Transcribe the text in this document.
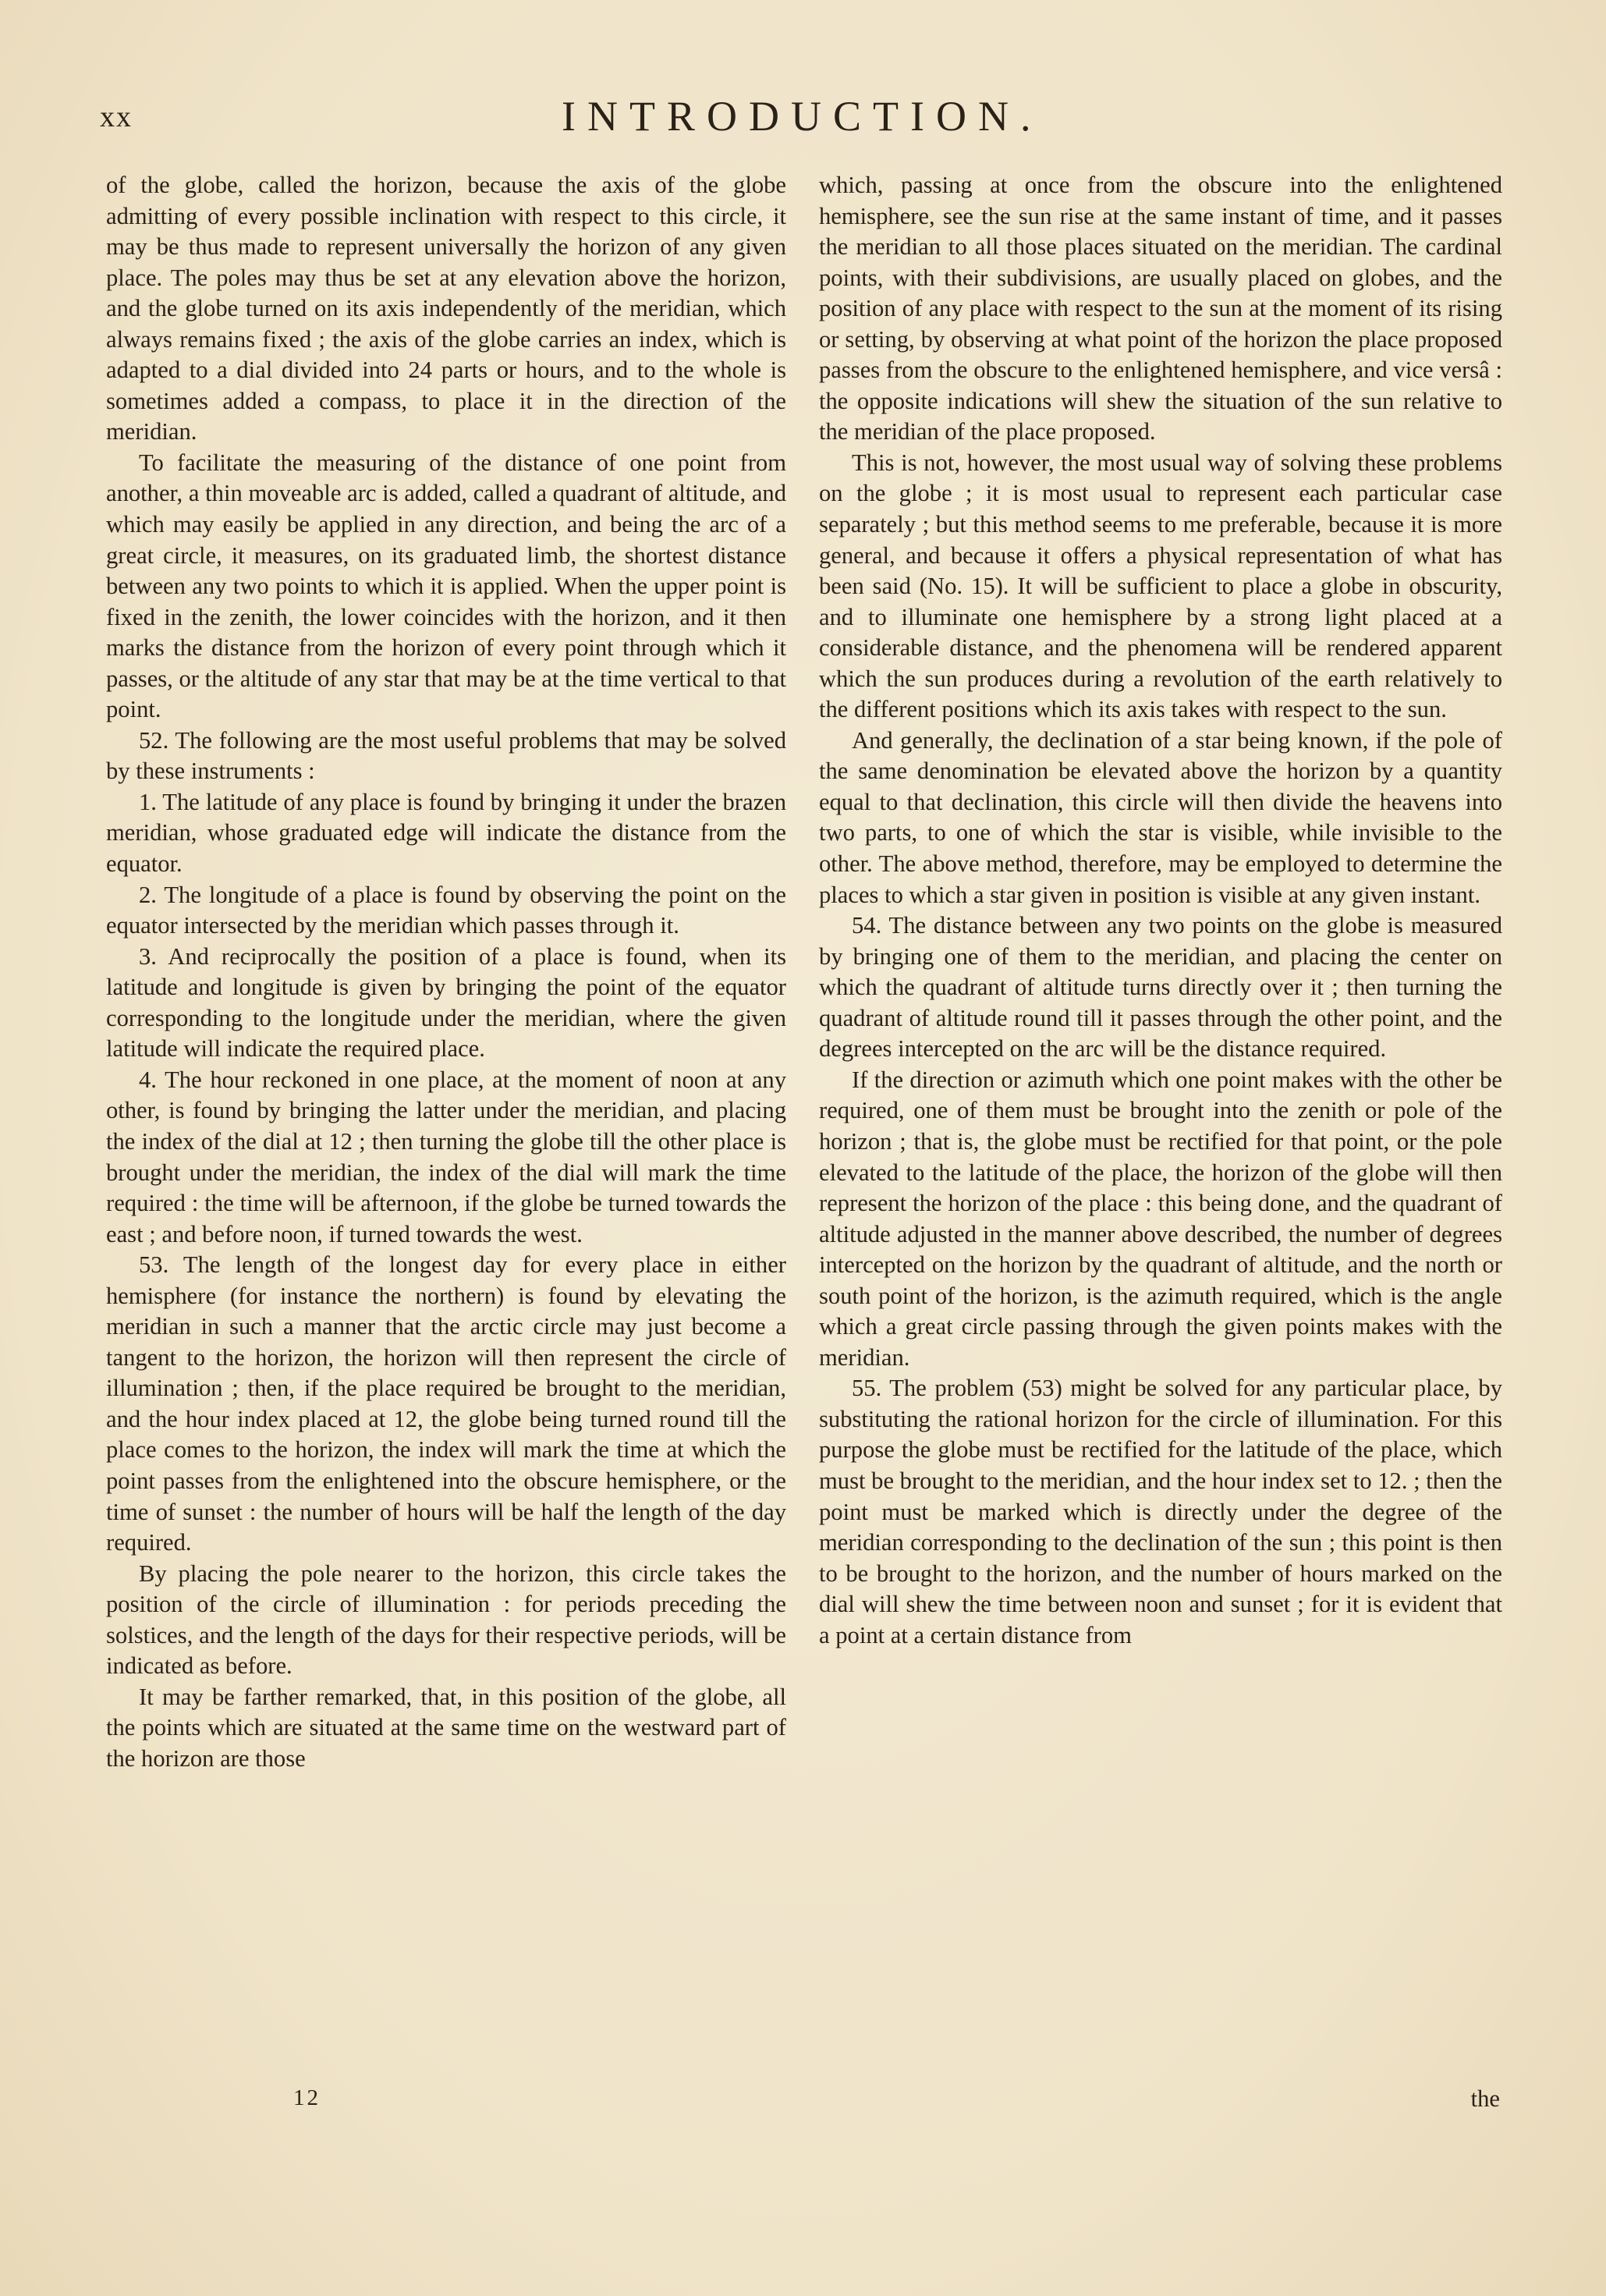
xx	INTRODUCTION.

of the globe, called the horizon, because the axis of the globe admitting of every possible inclination with respect to this circle, it may be thus made to represent universally the horizon of any given place. The poles may thus be set at any elevation above the horizon, and the globe turned on its axis independently of the meridian, which always remains fixed ; the axis of the globe carries an index, which is adapted to a dial divided into 24 parts or hours, and to the whole is sometimes added a compass, to place it in the direction of the meridian.

To facilitate the measuring of the distance of one point from another, a thin moveable arc is added, called a quadrant of altitude, and which may easily be applied in any direction, and being the arc of a great circle, it measures, on its graduated limb, the shortest distance between any two points to which it is applied. When the upper point is fixed in the zenith, the lower coincides with the horizon, and it then marks the distance from the horizon of every point through which it passes, or the altitude of any star that may be at the time vertical to that point.

52. The following are the most useful problems that may be solved by these instruments :

1. The latitude of any place is found by bringing it under the brazen meridian, whose graduated edge will indicate the distance from the equator.

2. The longitude of a place is found by observing the point on the equator intersected by the meridian which passes through it.

3. And reciprocally the position of a place is found, when its latitude and longitude is given by bringing the point of the equator corresponding to the longitude under the meridian, where the given latitude will indicate the required place.

4. The hour reckoned in one place, at the moment of noon at any other, is found by bringing the latter under the meridian, and placing the index of the dial at 12 ; then turning the globe till the other place is brought under the meridian, the index of the dial will mark the time required : the time will be afternoon, if the globe be turned towards the east ; and before noon, if turned towards the west.

53. The length of the longest day for every place in either hemisphere (for instance the northern) is found by elevating the meridian in such a manner that the arctic circle may just become a tangent to the horizon, the horizon will then represent the circle of illumination ; then, if the place required be brought to the meridian, and the hour index placed at 12, the globe being turned round till the place comes to the horizon, the index will mark the time at which the point passes from the enlightened into the obscure hemisphere, or the time of sunset : the number of hours will be half the length of the day required.

By placing the pole nearer to the horizon, this circle takes the position of the circle of illumination : for periods preceding the solstices, and the length of the days for their respective periods, will be indicated as before.

It may be farther remarked, that, in this position of the globe, all the points which are situated at the same time on the westward part of the horizon are those

which, passing at once from the obscure into the enlightened hemisphere, see the sun rise at the same instant of time, and it passes the meridian to all those places situated on the meridian. The cardinal points, with their subdivisions, are usually placed on globes, and the position of any place with respect to the sun at the moment of its rising or setting, by observing at what point of the horizon the place proposed passes from the obscure to the enlightened hemisphere, and vice versâ : the opposite indications will shew the situation of the sun relative to the meridian of the place proposed.

This is not, however, the most usual way of solving these problems on the globe ; it is most usual to represent each particular case separately ; but this method seems to me preferable, because it is more general, and because it offers a physical representation of what has been said (No. 15). It will be sufficient to place a globe in obscurity, and to illuminate one hemisphere by a strong light placed at a considerable distance, and the phenomena will be rendered apparent which the sun produces during a revolution of the earth relatively to the different positions which its axis takes with respect to the sun.

And generally, the declination of a star being known, if the pole of the same denomination be elevated above the horizon by a quantity equal to that declination, this circle will then divide the heavens into two parts, to one of which the star is visible, while invisible to the other. The above method, therefore, may be employed to determine the places to which a star given in position is visible at any given instant.

54. The distance between any two points on the globe is measured by bringing one of them to the meridian, and placing the center on which the quadrant of altitude turns directly over it ; then turning the quadrant of altitude round till it passes through the other point, and the degrees intercepted on the arc will be the distance required.

If the direction or azimuth which one point makes with the other be required, one of them must be brought into the zenith or pole of the horizon ; that is, the globe must be rectified for that point, or the pole elevated to the latitude of the place, the horizon of the globe will then represent the horizon of the place : this being done, and the quadrant of altitude adjusted in the manner above described, the number of degrees intercepted on the horizon by the quadrant of altitude, and the north or south point of the horizon, is the azimuth required, which is the angle which a great circle passing through the given points makes with the meridian.

55. The problem (53) might be solved for any particular place, by substituting the rational horizon for the circle of illumination. For this purpose the globe must be rectified for the latitude of the place, which must be brought to the meridian, and the hour index set to 12. ; then the point must be marked which is directly under the degree of the meridian corresponding to the declination of the sun ; this point is then to be brought to the horizon, and the number of hours marked on the dial will shew the time between noon and sunset ; for it is evident that a point at a certain distance from

12	the
